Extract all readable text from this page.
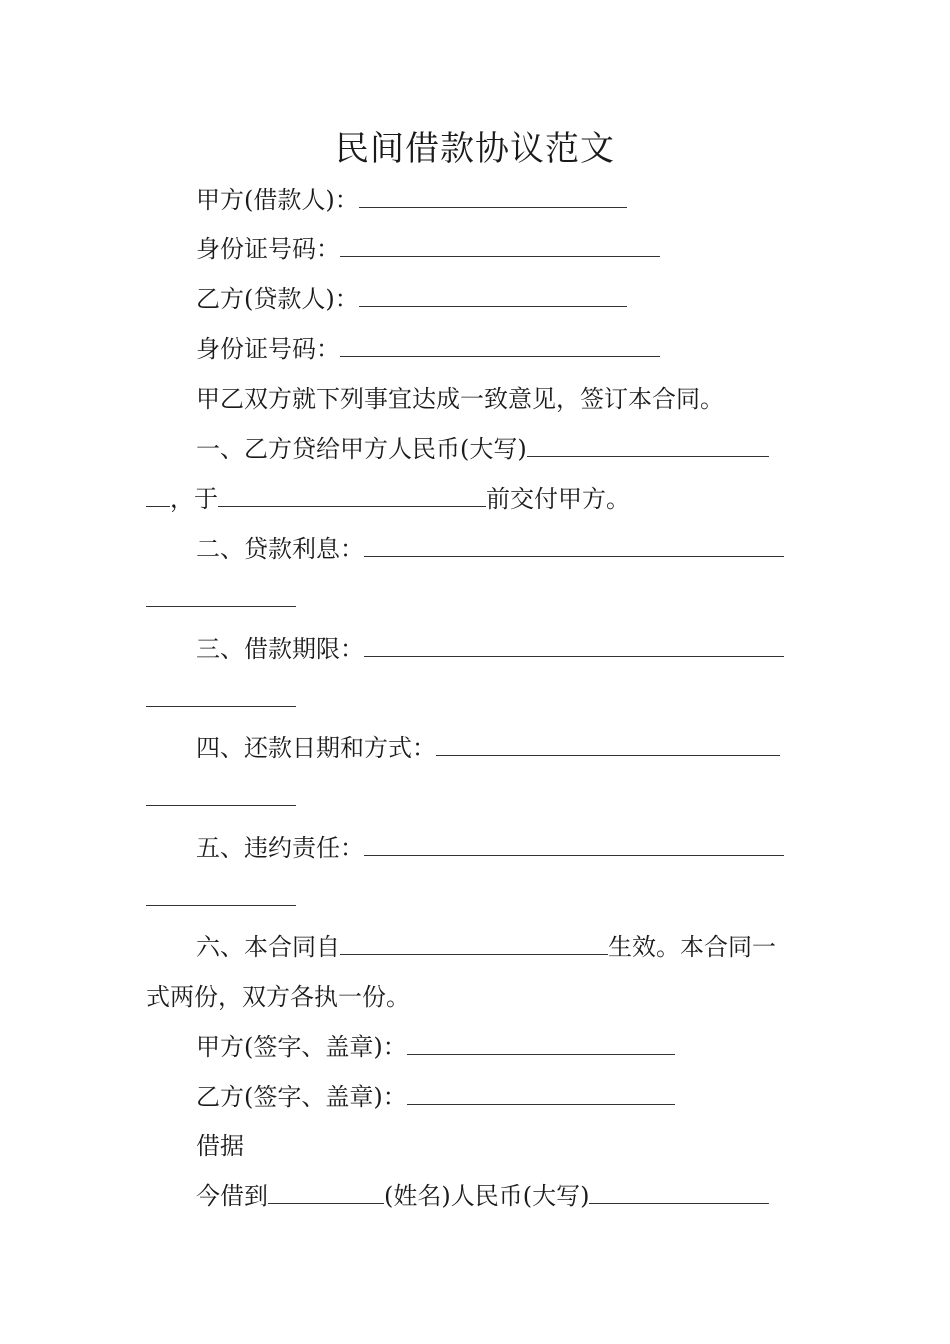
民间借款协议范文
甲方(借款人)：
身份证号码：
乙方(贷款人)：
身份证号码：
甲乙双方就下列事宜达成一致意见，签订本合同。
一、乙方贷给甲方人民币(大写)
，于	前交付甲方。
二、贷款利息：
三、借款期限：
四、还款日期和方式：
五、违约责任：
六、本合同自	生效。本合同一
式两份，双方各执一份。
甲方(签字、盖章)：
乙方(签字、盖章)：
借据
今借到	(姓名)人民币(大写)
